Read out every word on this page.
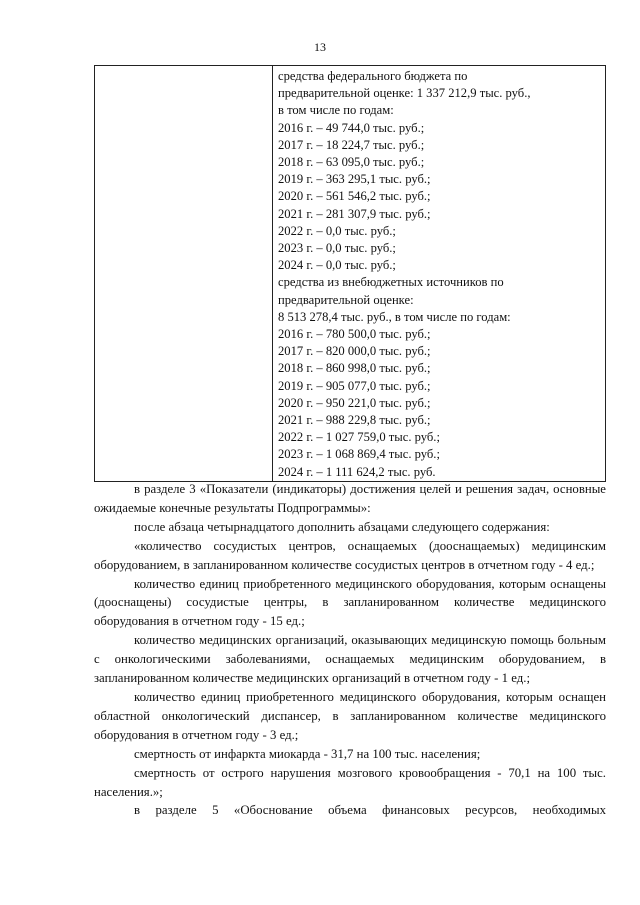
13

средства федерального бюджета по
предварительной оценке: 1 337 212,9 тыс. руб.,
в том числе по годам:
2016 г. – 49 744,0 тыс. руб.;
2017 г. – 18 224,7 тыс. руб.;
2018 г. – 63 095,0 тыс. руб.;
2019 г. – 363 295,1 тыс. руб.;
2020 г. – 561 546,2 тыс. руб.;
2021 г. – 281 307,9 тыс. руб.;
2022 г. – 0,0 тыс. руб.;
2023 г. – 0,0 тыс. руб.;
2024 г. – 0,0 тыс. руб.;
средства из внебюджетных источников по
предварительной оценке:
8 513 278,4 тыс. руб., в том числе по годам:
2016 г. – 780 500,0 тыс. руб.;
2017 г. – 820 000,0 тыс. руб.;
2018 г. – 860 998,0 тыс. руб.;
2019 г. – 905 077,0 тыс. руб.;
2020 г. – 950 221,0 тыс. руб.;
2021 г. – 988 229,8 тыс. руб.;
2022 г. – 1 027 759,0 тыс. руб.;
2023 г. – 1 068 869,4 тыс. руб.;
2024 г. – 1 111 624,2 тыс. руб.

в разделе 3 «Показатели (индикаторы) достижения целей и решения задач, основные ожидаемые конечные результаты Подпрограммы»:

после абзаца четырнадцатого дополнить абзацами следующего содержания:

«количество сосудистых центров, оснащаемых (дооснащаемых) медицинским оборудованием, в запланированном количестве сосудистых центров в отчетном году - 4 ед.;

количество единиц приобретенного медицинского оборудования, которым оснащены (дооснащены) сосудистые центры, в запланированном количестве медицинского оборудования в отчетном году - 15 ед.;

количество медицинских организаций, оказывающих медицинскую помощь больным с онкологическими заболеваниями, оснащаемых медицинским оборудованием, в запланированном количестве медицинских организаций в отчетном году - 1 ед.;

количество единиц приобретенного медицинского оборудования, которым оснащен областной онкологический диспансер, в запланированном количестве медицинского оборудования в отчетном году - 3 ед.;

смертность от инфаркта миокарда - 31,7 на 100 тыс. населения;

смертность от острого нарушения мозгового кровообращения - 70,1 на 100 тыс. населения.»;

в разделе 5 «Обоснование объема финансовых ресурсов, необходимых
